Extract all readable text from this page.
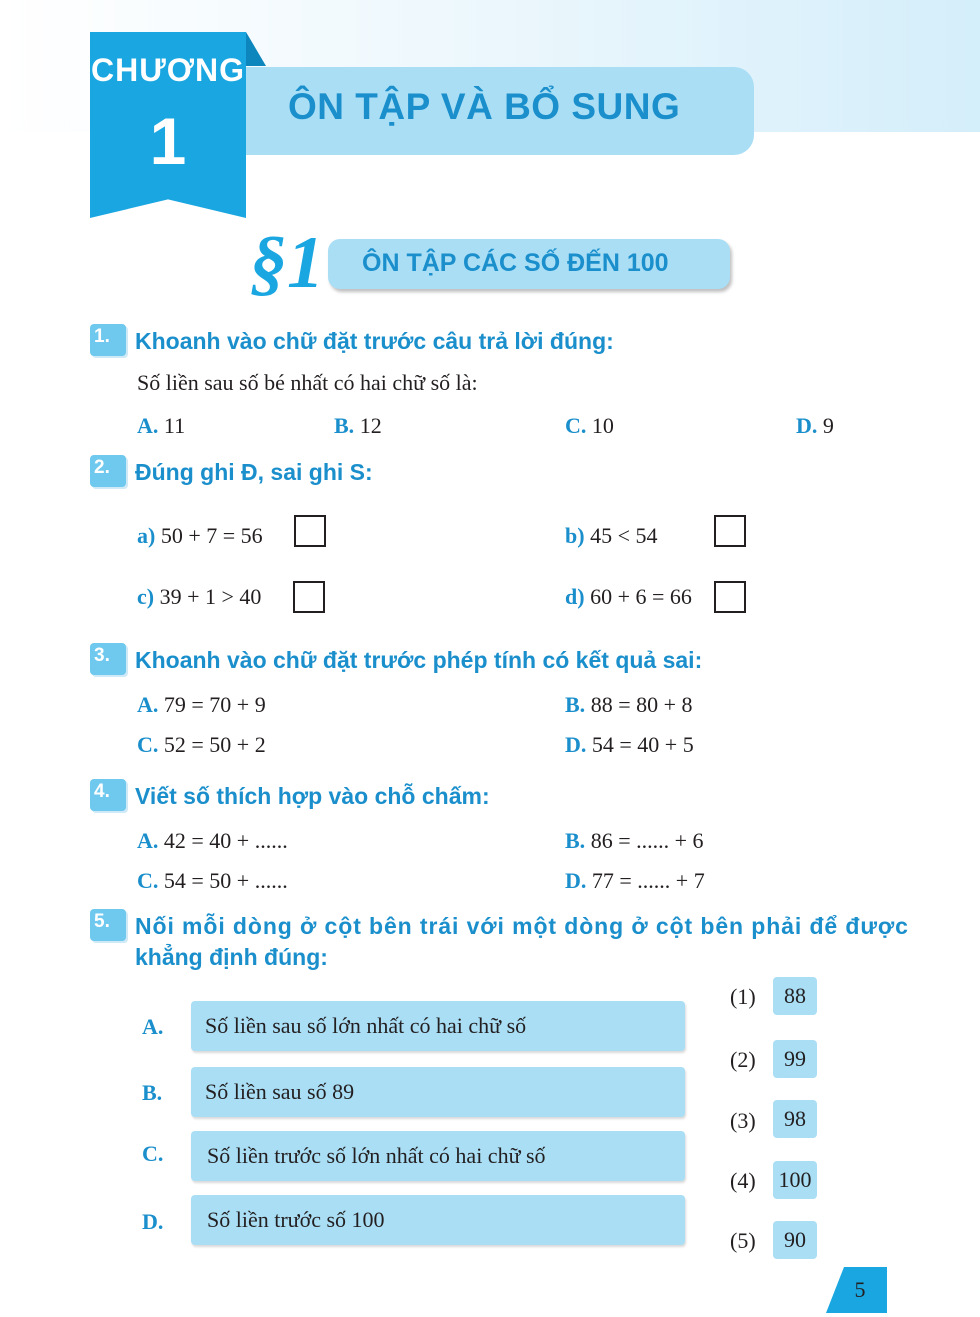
CHƯƠNG
1	ÔN TẬP VÀ BỔ SUNG
§1 ÔN TẬP CÁC SỐ ĐẾN 100
1.	Khoanh vào chữ đặt trước câu trả lời đúng:
Số liền sau số bé nhất có hai chữ số là:
A. 11	B. 12	C. 10	D. 9
2.	Đúng ghi Đ, sai ghi S:
a) 50 + 7 = 56	b) 45 < 54
c) 39 + 1 > 40	d) 60 + 6 = 66
3.	Khoanh vào chữ đặt trước phép tính có kết quả sai:
A. 79 = 70 + 9	B. 88 = 80 + 8
C. 52 = 50 + 2	D. 54 = 40 + 5
4.	Viết số thích hợp vào chỗ chấm:
A. 42 = 40 + ......	B. 86 = ...... + 6
C. 54 = 50 + ......	D. 77 = ...... + 7
5.	Nối mỗi dòng ở cột bên trái với một dòng ở cột bên phải để được
khẳng định đúng:
A. Số liền sau số lớn nhất có hai chữ số
B. Số liền sau số 89
C. Số liền trước số lớn nhất có hai chữ số
D. Số liền trước số 100
(1)	88
(2)	99
(3)	98
(4) 100
(5)	90
5
